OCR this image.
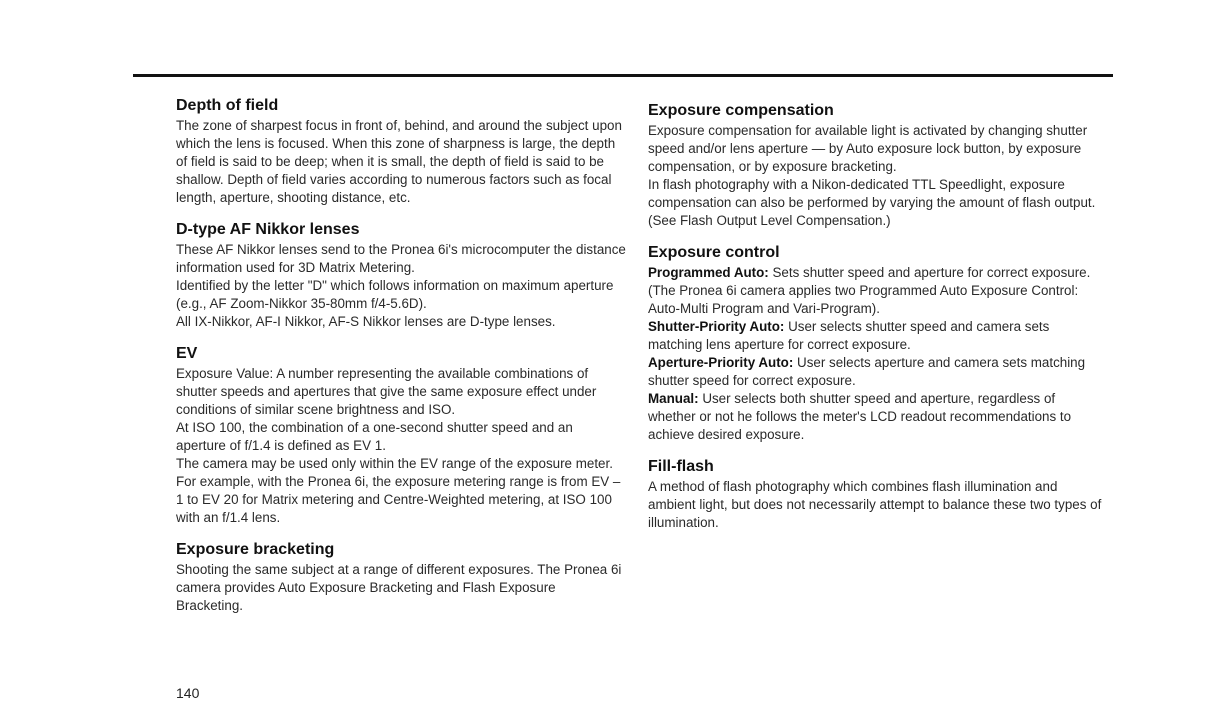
Depth of field

The zone of sharpest focus in front of, behind, and around the subject upon which the lens is focused. When this zone of sharpness is large, the depth of field is said to be deep; when it is small, the depth of field is said to be shallow. Depth of field varies according to numerous factors such as focal length, aperture, shooting distance, etc.

D-type AF Nikkor lenses

These AF Nikkor lenses send to the Pronea 6i's microcomputer the distance information used for 3D Matrix Metering.

Identified by the letter "D" which follows information on maximum aperture (e.g., AF Zoom-Nikkor 35-80mm f/4-5.6D).

All IX-Nikkor, AF-I Nikkor, AF-S Nikkor lenses are D-type lenses.

EV

Exposure Value: A number representing the available combinations of shutter speeds and apertures that give the same exposure effect under conditions of similar scene brightness and ISO.

At ISO 100, the combination of a one-second shutter speed and an aperture of f/1.4 is defined as EV 1.

The camera may be used only within the EV range of the exposure meter. For example, with the Pronea 6i, the exposure metering range is from EV –1 to EV 20 for Matrix metering and Centre-Weighted metering, at ISO 100 with an f/1.4 lens.

Exposure bracketing

Shooting the same subject at a range of different exposures. The Pronea 6i camera provides Auto Exposure Bracketing and Flash Exposure Bracketing.

Exposure compensation

Exposure compensation for available light is activated by changing shutter speed and/or lens aperture — by Auto exposure lock button, by exposure compensation, or by exposure bracketing.

In flash photography with a Nikon-dedicated TTL Speedlight, exposure compensation can also be performed by varying the amount of flash output. (See Flash Output Level Compensation.)

Exposure control

Programmed Auto: Sets shutter speed and aperture for correct exposure. (The Pronea 6i camera applies two Programmed Auto Exposure Control: Auto-Multi Program and Vari-Program).

Shutter-Priority Auto: User selects shutter speed and camera sets matching lens aperture for correct exposure.

Aperture-Priority Auto: User selects aperture and camera sets matching shutter speed for correct exposure.

Manual: User selects both shutter speed and aperture, regardless of whether or not he follows the meter's LCD readout recommendations to achieve desired exposure.

Fill-flash

A method of flash photography which combines flash illumination and ambient light, but does not necessarily attempt to balance these two types of illumination.

140
